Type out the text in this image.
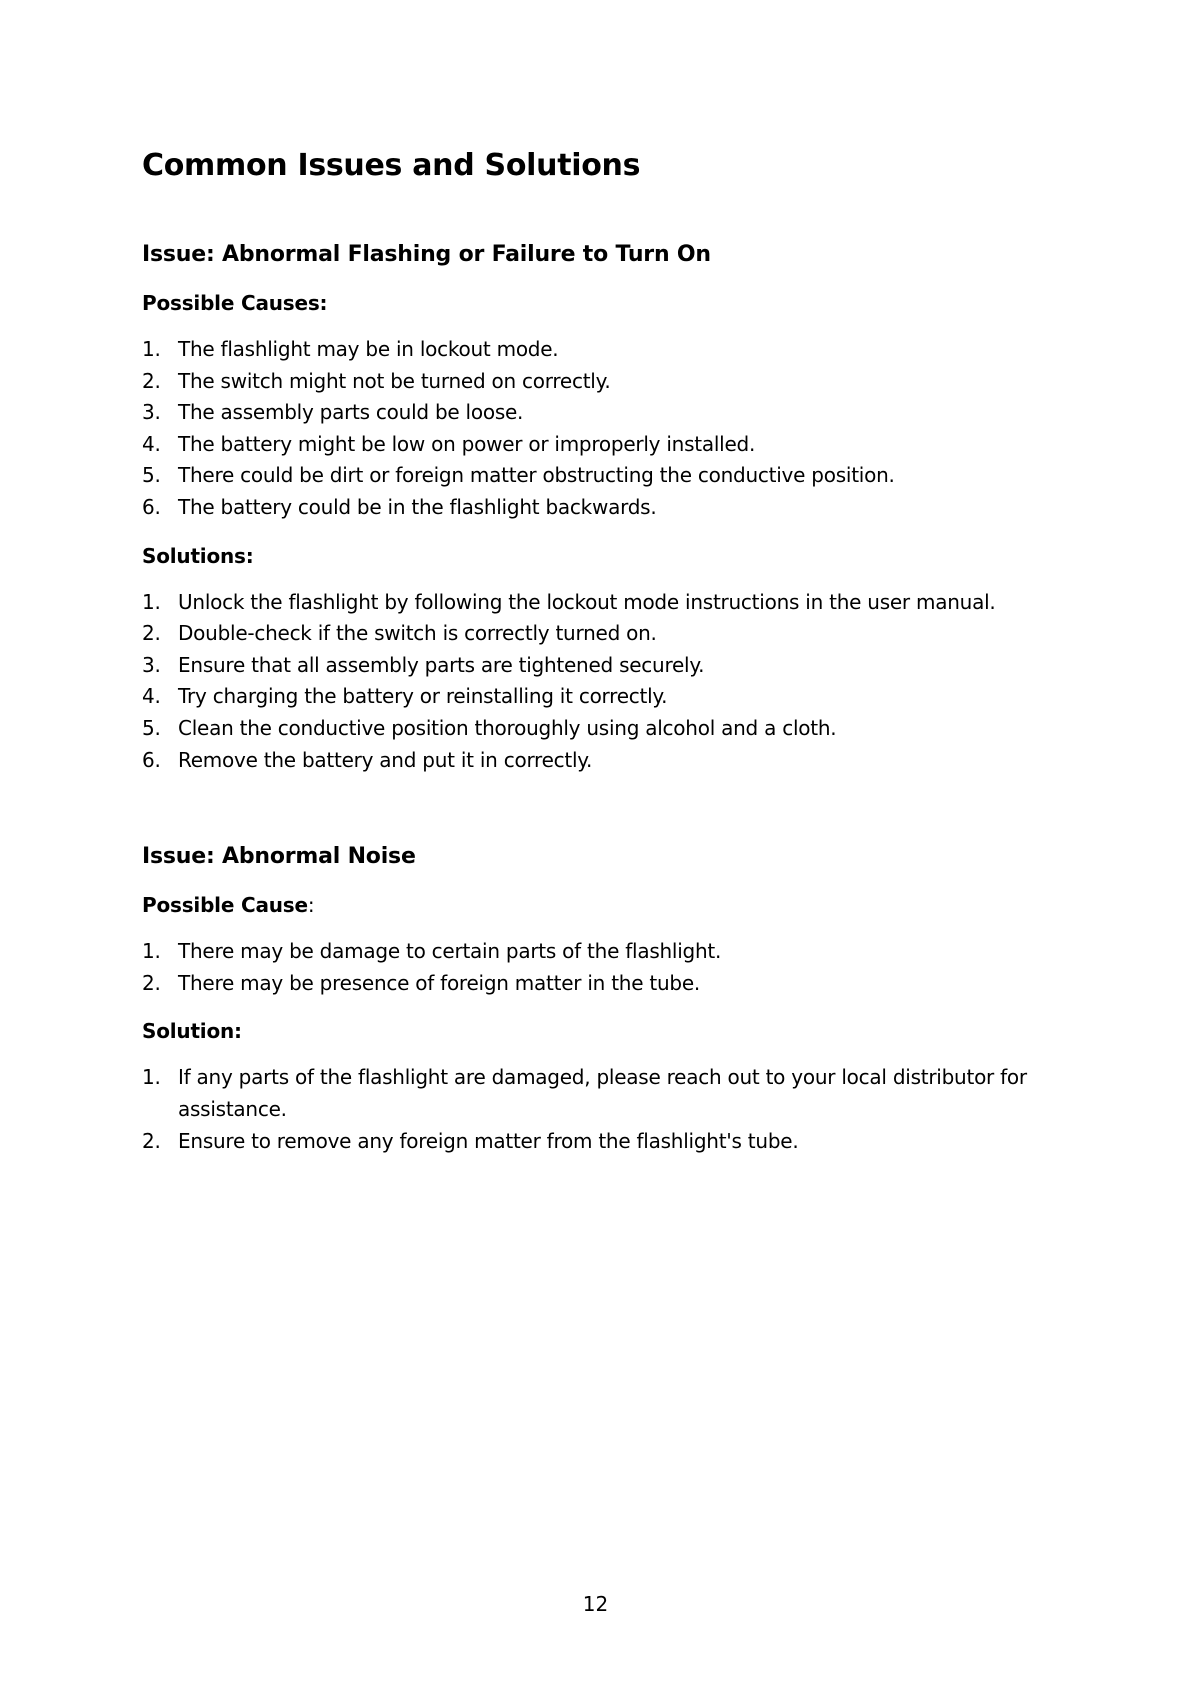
Common Issues and Solutions
Issue: Abnormal Flashing or Failure to Turn On

Possible Causes:

1. The flashlight may be in lockout mode.
2. The switch might not be turned on correctly.
3. The assembly parts could be loose.
4. The battery might be low on power or improperly installed.
5. There could be dirt or foreign matter obstructing the conductive position.
6. The battery could be in the flashlight backwards.

Solutions:

1. Unlock the flashlight by following the lockout mode instructions in the user manual.
2. Double-check if the switch is correctly turned on.
3. Ensure that all assembly parts are tightened securely.
4. Try charging the battery or reinstalling it correctly.
5. Clean the conductive position thoroughly using alcohol and a cloth.
6. Remove the battery and put it in correctly.
Issue: Abnormal Noise

Possible Cause:

1. There may be damage to certain parts of the flashlight.
2. There may be presence of foreign matter in the tube.

Solution:

1. If any parts of the flashlight are damaged, please reach out to your local distributor for assistance.
2. Ensure to remove any foreign matter from the flashlight's tube.
12
